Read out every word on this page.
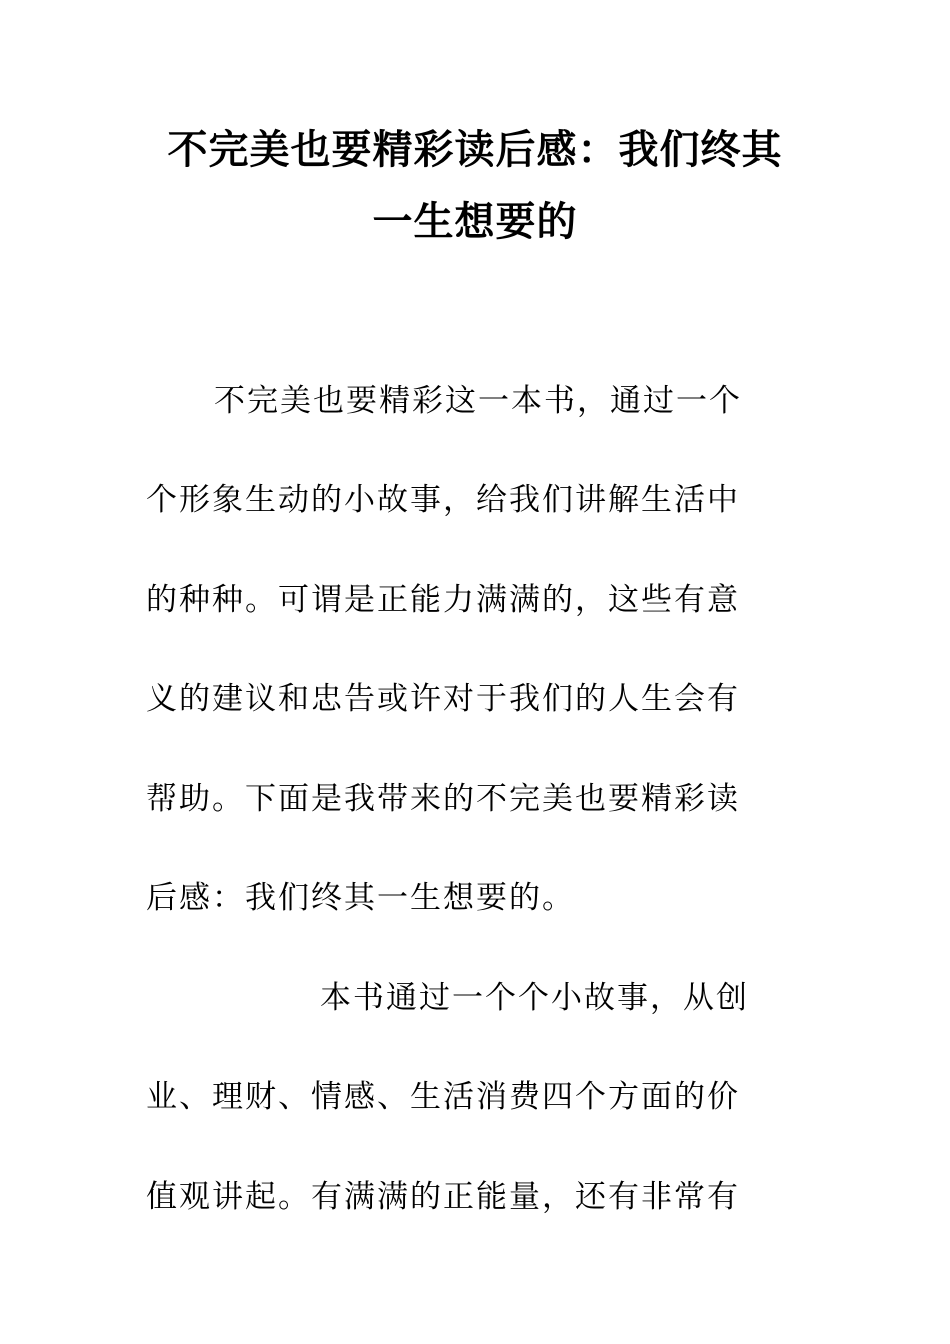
不完美也要精彩读后感：我们终其
一生想要的
不完美也要精彩这一本书，通过一个
个形象生动的小故事，给我们讲解生活中
的种种。可谓是正能力满满的，这些有意
义的建议和忠告或许对于我们的人生会有
帮助。下面是我带来的不完美也要精彩读
后感：我们终其一生想要的。
本书通过一个个小故事，从创
业、理财、情感、生活消费四个方面的价
值观讲起。有满满的正能量，还有非常有
